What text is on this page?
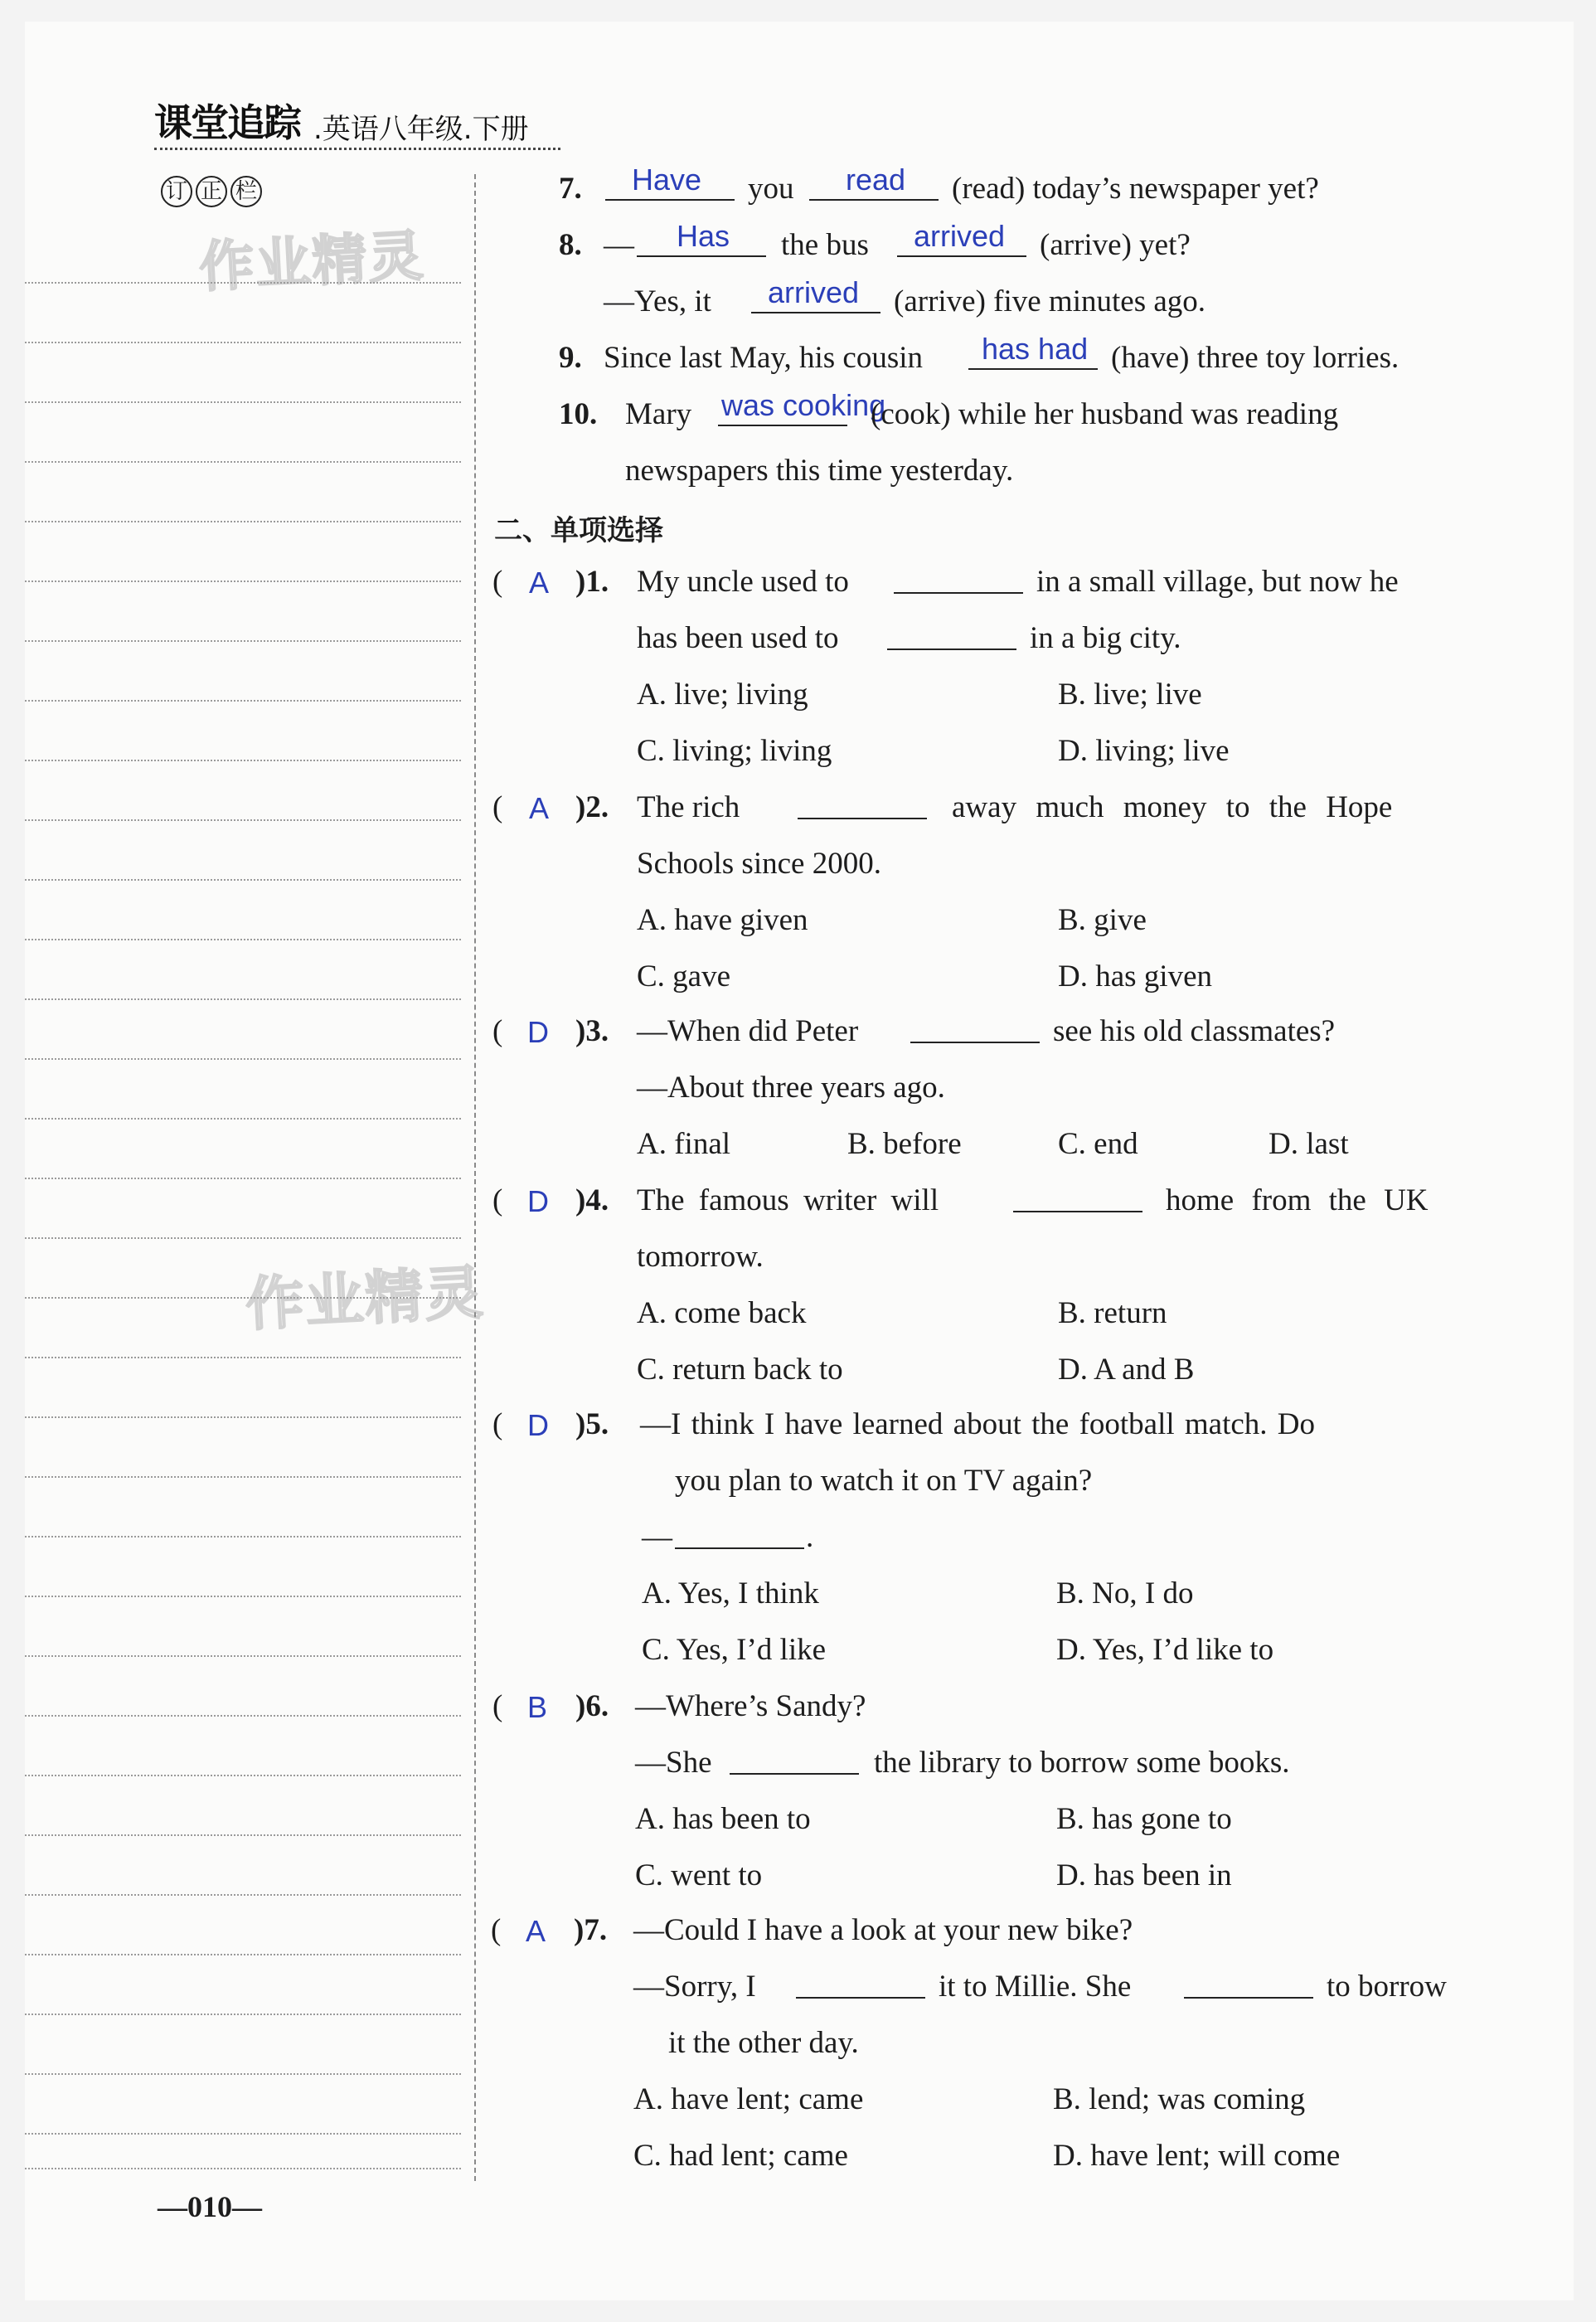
课堂追踪 .英语八年级.下册
订 正 栏
作业精灵
作业精灵
7. Have you read (read) today’s newspaper yet?
8. — Has the bus arrived (arrive) yet?
—Yes, it arrived (arrive) five minutes ago.
9. Since last May, his cousin has had (have) three toy lorries.
10. Mary was cooking
(cook) while her husband was reading
newspapers this time yesterday.
二、单项选择
( A )1. My uncle used to	in a small village, but now he
has been used to	in a big city.
A. live; living	B. live; live
C. living; living	D. living; live
( A )2. The rich	away much money to the Hope
Schools since 2000.
A. have given	B. give
C. gave	D. has given
( D )3. —When did Peter	see his old classmates?
—About three years ago.
A. final	B. before	C. end	D. last
( D )4. The famous writer will	home from the UK
tomorrow.
A. come back	B. return
C. return back to	D. A and B
( D )5. —I think I have learned about the football match. Do
you plan to watch it on TV again?
—	.
A. Yes, I think	B. No, I do
C. Yes, I’d like	D. Yes, I’d like to
( B )6. —Where’s Sandy?
—She	the library to borrow some books.
A. has been to	B. has gone to
C. went to	D. has been in
( A )7. —Could I have a look at your new bike?
—Sorry, I	it to Millie. She	to borrow
it the other day.
A. have lent; came	B. lend; was coming
C. had lent; came	D. have lent; will come
—010—
